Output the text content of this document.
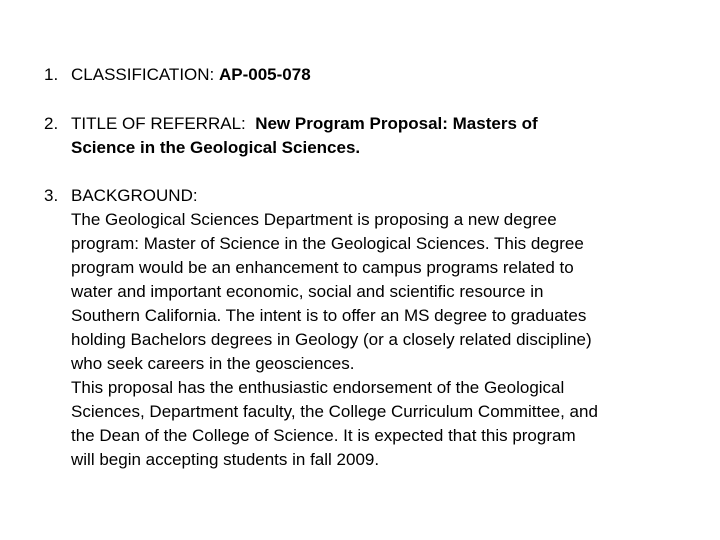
1. CLASSIFICATION: AP-005-078
2. TITLE OF REFERRAL: New Program Proposal: Masters of
Science in the Geological Sciences.
3. BACKGROUND:
The Geological Sciences Department is proposing a new degree
program: Master of Science in the Geological Sciences. This degree
program would be an enhancement to campus programs related to
water and important economic, social and scientific resource in
Southern California. The intent is to offer an MS degree to graduates
holding Bachelors degrees in Geology (or a closely related discipline)
who seek careers in the geosciences.
This proposal has the enthusiastic endorsement of the Geological
Sciences, Department faculty, the College Curriculum Committee, and
the Dean of the College of Science. It is expected that this program
will begin accepting students in fall 2009.
